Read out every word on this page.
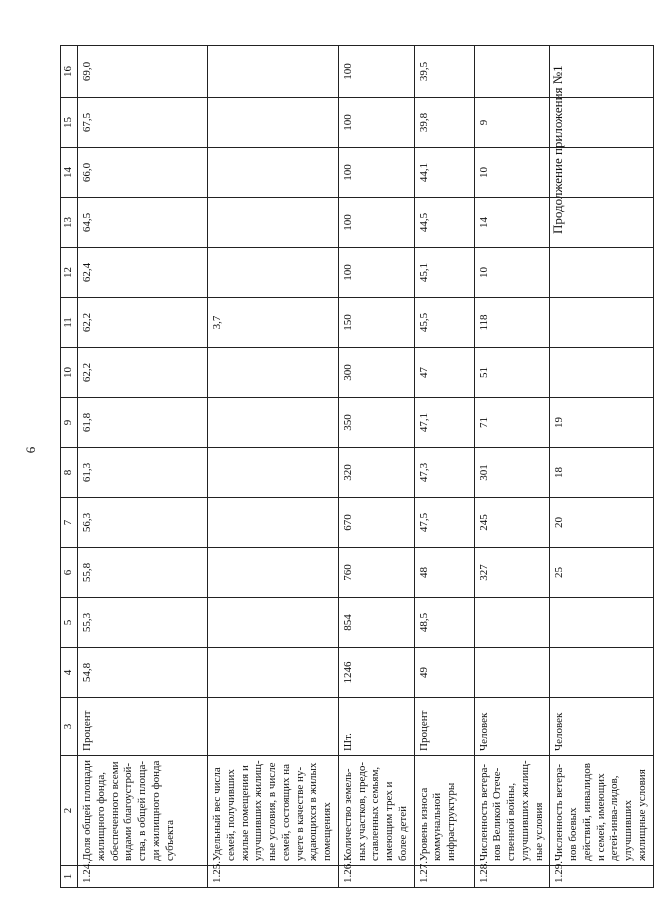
6
Продолжение приложения №1
1	2	3	4	5	6	7	8	9	10	11	12	13	14	15	16
1.24.	Доля общей площади жилищного фонда, обеспеченного всеми видами благоустрой-ства, в общей площа-ди жилищного фонда субъекта	Процент	54,8	55,3	55,8	56,3	61,3	61,8	62,2	62,2	62,4	64,5	66,0	67,5	69,0
1.25.	Удельный вес числа семей, получивших жилые помещения и улучшивших жилищ-ные условия, в числе семей, состоящих на учете в качестве ну-ждающихся в жилых помещениях									3,7					
1.26.	Количество земель-ных участков, предо-ставленных семьям, имеющим трех и более детей	Шт.	1246	854	760	670	320	350	300	150	100	100	100	100	100
1.27.	Уровень износа коммунальной инфраструктуры	Процент	49	48,5	48	47,5	47,3	47,1	47	45,5	45,1	44,5	44,1	39,8	39,5
1.28.	Численность ветера-нов Великой Отече-ственной войны, улучшивших жилищ-ные условия	Человек			327	245	301	71	51	118	10	14	10	9	
1.29.	Численность ветера-нов боевых действий, инвалидов и семей, имеющих детей-инва-лидов, улучшивших жилищные условия	Человек			25	20	18	19							
